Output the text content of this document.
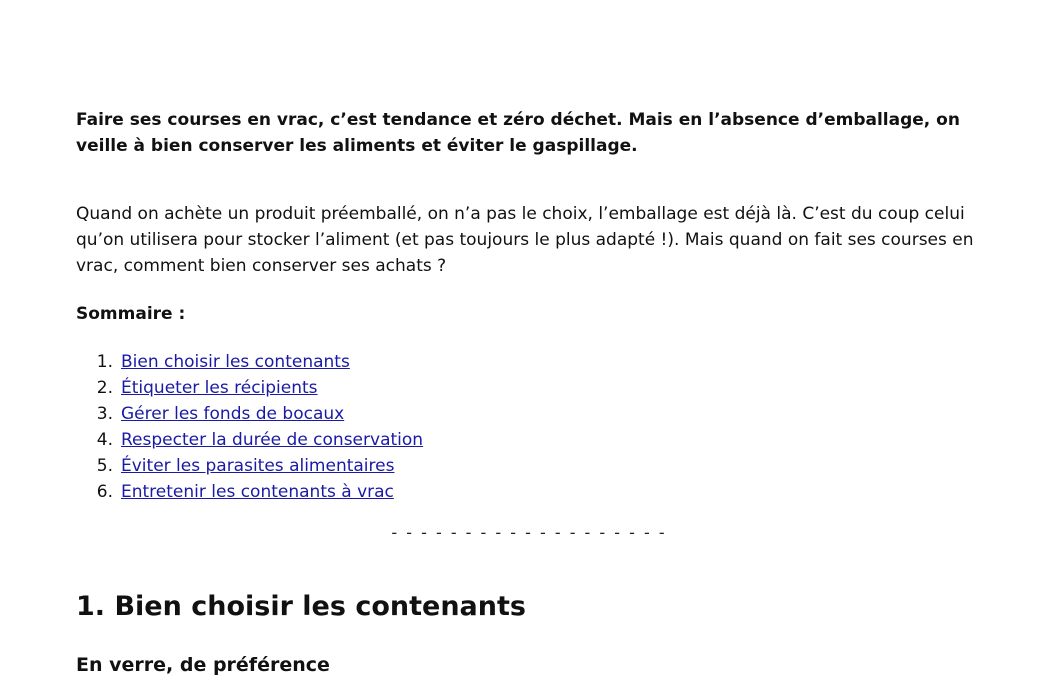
Faire ses courses en vrac, c’est tendance et zéro déchet. Mais en l’absence d’emballage, on veille à bien conserver les aliments et éviter le gaspillage.

Quand on achète un produit préemballé, on n’a pas le choix, l’emballage est déjà là. C’est du coup celui qu’on utilisera pour stocker l’aliment (et pas toujours le plus adapté !). Mais quand on fait ses courses en vrac, comment bien conserver ses achats ?

Sommaire :

1. Bien choisir les contenants
2. Étiqueter les récipients
3. Gérer les fonds de bocaux
4. Respecter la durée de conservation
5. Éviter les parasites alimentaires
6. Entretenir les contenants à vrac
- - - - - - - - - - - - - - - - - - -
1. Bien choisir les contenants
En verre, de préférence
